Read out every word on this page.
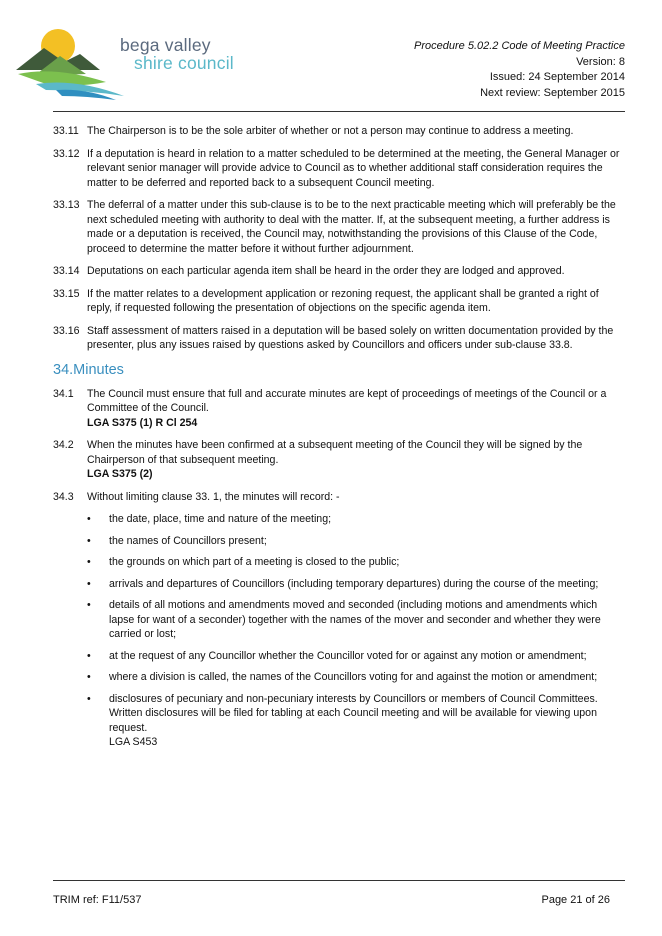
bega valley
shire council
Procedure 5.02.2 Code of Meeting Practice
Version: 8
Issued: 24 September 2014
Next review: September 2015
33.11 The Chairperson is to be the sole arbiter of whether or not a person may continue to address a meeting.
33.12 If a deputation is heard in relation to a matter scheduled to be determined at the meeting, the General Manager or relevant senior manager will provide advice to Council as to whether additional staff consideration requires the matter to be deferred and reported back to a subsequent Council meeting.
33.13 The deferral of a matter under this sub-clause is to be to the next practicable meeting which will preferably be the next scheduled meeting with authority to deal with the matter. If, at the subsequent meeting, a further address is made or a deputation is received, the Council may, notwithstanding the provisions of this Clause of the Code, proceed to determine the matter before it without further adjournment.
33.14 Deputations on each particular agenda item shall be heard in the order they are lodged and approved.
33.15 If the matter relates to a development application or rezoning request, the applicant shall be granted a right of reply, if requested following the presentation of objections on the specific agenda item.
33.16 Staff assessment of matters raised in a deputation will be based solely on written documentation provided by the presenter, plus any issues raised by questions asked by Councillors and officers under sub-clause 33.8.
34.Minutes
34.1 The Council must ensure that full and accurate minutes are kept of proceedings of meetings of the Council or a Committee of the Council.
LGA S375 (1) R Cl 254
34.2 When the minutes have been confirmed at a subsequent meeting of the Council they will be signed by the Chairperson of that subsequent meeting.
LGA S375 (2)
34.3 Without limiting clause 33. 1, the minutes will record: -
• the date, place, time and nature of the meeting;
• the names of Councillors present;
• the grounds on which part of a meeting is closed to the public;
• arrivals and departures of Councillors (including temporary departures) during the course of the meeting;
• details of all motions and amendments moved and seconded (including motions and amendments which lapse for want of a seconder) together with the names of the mover and seconder and whether they were carried or lost;
• at the request of any Councillor whether the Councillor voted for or against any motion or amendment;
• where a division is called, the names of the Councillors voting for and against the motion or amendment;
• disclosures of pecuniary and non-pecuniary interests by Councillors or members of Council Committees. Written disclosures will be filed for tabling at each Council meeting and will be available for viewing upon request.
LGA S453
TRIM ref: F11/537	Page 21 of 26
